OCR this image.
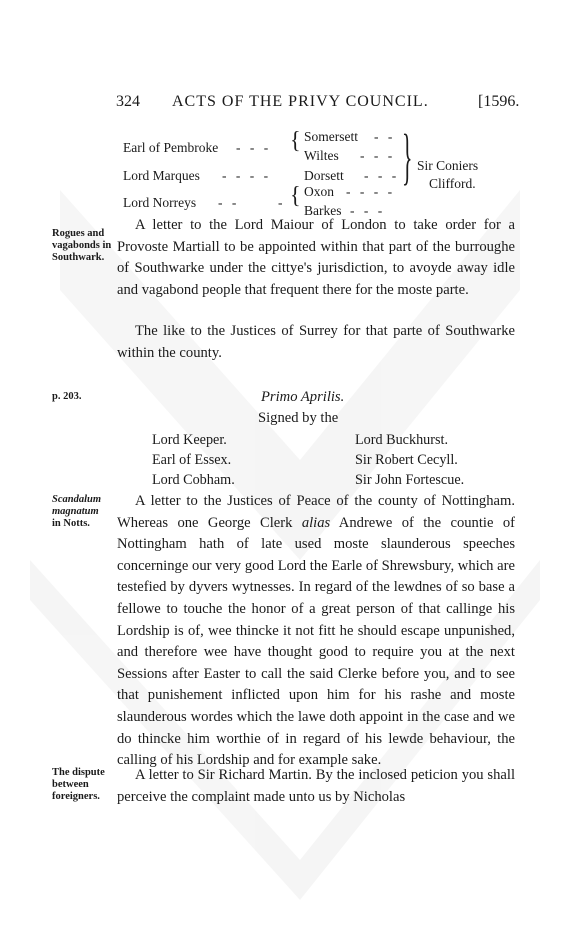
324 ACTS OF THE PRIVY COUNCIL.	[1596.
Earl of Pembroke - - - { Somersett - -
Wiltes - - -
Lord Marques - - - - Dorsett - - -
Lord Norreys - -	- { Oxon - - - -
Barkes - - -
} Sir Coniers
Clifford.
Rogues and vagabonds in Southwark.
p. 203.
Scandalum
magnatum
in Notts.
The dispute between foreigners.

A letter to the Lord Maiour of London to take order for a Provoste Martiall to be appointed within that part of the burroughe of Southwarke under the cittye's jurisdiction, to avoyde away idle and vagabond people that frequent there for the moste parte.

The like to the Justices of Surrey for that parte of Southwarke within the county.

Primo Aprilis.
Signed by the
Lord Keeper.
Earl of Essex.
Lord Cobham.
Lord Buckhurst.
Sir Robert Cecyll.
Sir John Fortescue.

A letter to the Justices of Peace of the county of Nottingham. Whereas one George Clerk alias Andrewe of the countie of Nottingham hath of late used moste slaunderous speeches concerninge our very good Lord the Earle of Shrewsbury, which are testefied by dyvers wytnesses. In regard of the lewdnes of so base a fellowe to touche the honor of a great person of that callinge his Lordship is of, wee thincke it not fitt he should escape unpunished, and therefore wee have thought good to require you at the next Sessions after Easter to call the said Clerke before you, and to see that punishement inflicted upon him for his rashe and moste slaunderous wordes which the lawe doth appoint in the case and we do thincke him worthie of in regard of his lewde behaviour, the calling of his Lordship and for example sake.

A letter to Sir Richard Martin. By the inclosed peticion you shall perceive the complaint made unto us by Nicholas
